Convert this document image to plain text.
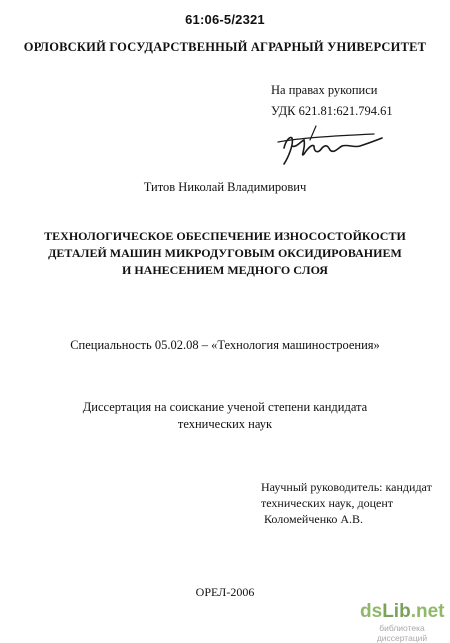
61:06-5/2321
ОРЛОВСКИЙ ГОСУДАРСТВЕННЫЙ АГРАРНЫЙ УНИВЕРСИТЕТ
На правах рукописи
УДК 621.81:621.794.61
Титов Николай Владимирович
ТЕХНОЛОГИЧЕСКОЕ ОБЕСПЕЧЕНИЕ ИЗНОСОСТОЙКОСТИ
ДЕТАЛЕЙ МАШИН МИКРОДУГОВЫМ ОКСИДИРОВАНИЕМ
И НАНЕСЕНИЕМ МЕДНОГО СЛОЯ
Специальность 05.02.08 – «Технология машиностроения»
Диссертация на соискание ученой степени кандидата
технических наук
Научный руководитель: кандидат
технических наук, доцент
Коломейченко А.В.
ОРЕЛ-2006
dsLib.net
библиотека диссертаций
